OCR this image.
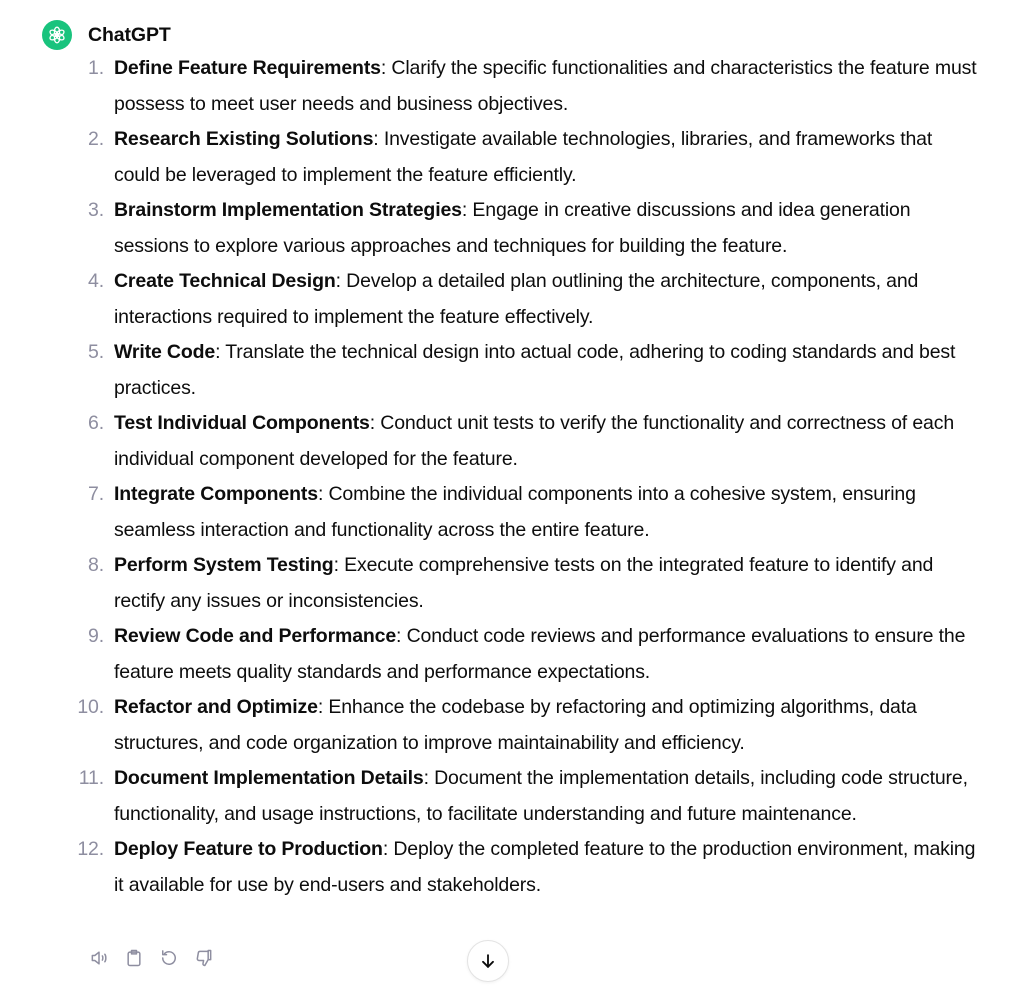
ChatGPT
1. Define Feature Requirements: Clarify the specific functionalities and characteristics the feature must possess to meet user needs and business objectives.
2. Research Existing Solutions: Investigate available technologies, libraries, and frameworks that could be leveraged to implement the feature efficiently.
3. Brainstorm Implementation Strategies: Engage in creative discussions and idea generation sessions to explore various approaches and techniques for building the feature.
4. Create Technical Design: Develop a detailed plan outlining the architecture, components, and interactions required to implement the feature effectively.
5. Write Code: Translate the technical design into actual code, adhering to coding standards and best practices.
6. Test Individual Components: Conduct unit tests to verify the functionality and correctness of each individual component developed for the feature.
7. Integrate Components: Combine the individual components into a cohesive system, ensuring seamless interaction and functionality across the entire feature.
8. Perform System Testing: Execute comprehensive tests on the integrated feature to identify and rectify any issues or inconsistencies.
9. Review Code and Performance: Conduct code reviews and performance evaluations to ensure the feature meets quality standards and performance expectations.
10. Refactor and Optimize: Enhance the codebase by refactoring and optimizing algorithms, data structures, and code organization to improve maintainability and efficiency.
11. Document Implementation Details: Document the implementation details, including code structure, functionality, and usage instructions, to facilitate understanding and future maintenance.
12. Deploy Feature to Production: Deploy the completed feature to the production environment, making it available for use by end-users and stakeholders.
